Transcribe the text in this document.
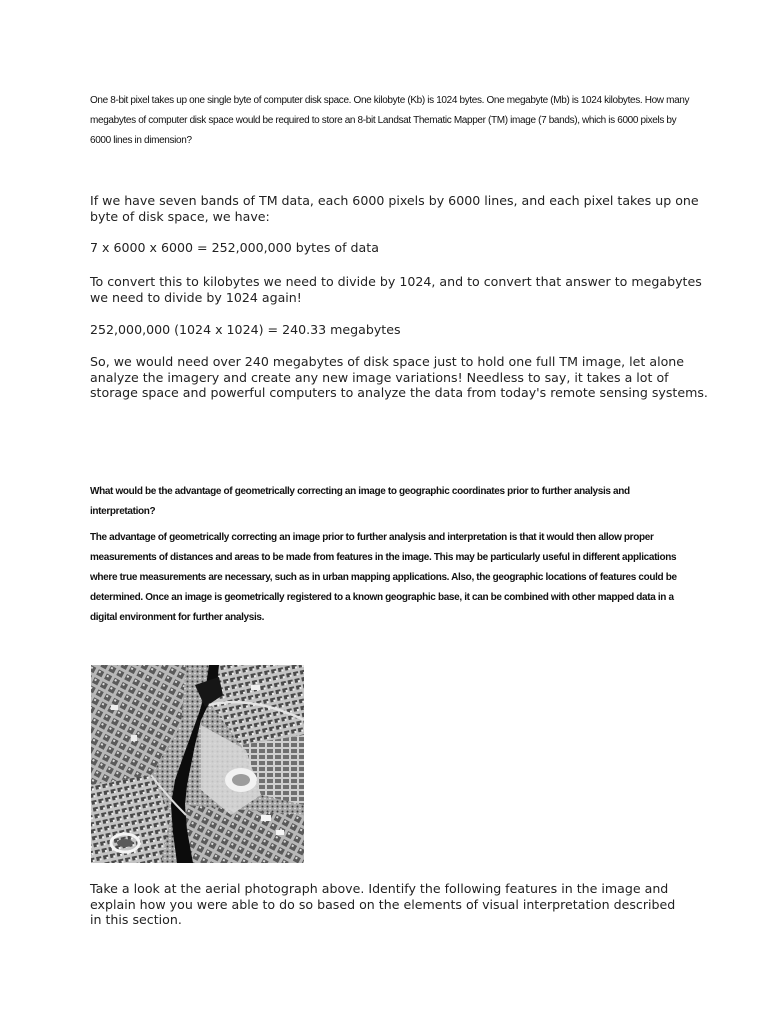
One 8-bit pixel takes up one single byte of computer disk space. One kilobyte (Kb) is 1024 bytes. One megabyte (Mb) is 1024 kilobytes. How many megabytes of computer disk space would be required to store an 8-bit Landsat Thematic Mapper (TM) image (7 bands), which is 6000 pixels by 6000 lines in dimension?

If we have seven bands of TM data, each 6000 pixels by 6000 lines, and each pixel takes up one byte of disk space, we have:

7 x 6000 x 6000 = 252,000,000 bytes of data

To convert this to kilobytes we need to divide by 1024, and to convert that answer to megabytes we need to divide by 1024 again!

252,000,000 (1024 x 1024) = 240.33 megabytes

So, we would need over 240 megabytes of disk space just to hold one full TM image, let alone analyze the imagery and create any new image variations! Needless to say, it takes a lot of storage space and powerful computers to analyze the data from today's remote sensing systems.

What would be the advantage of geometrically correcting an image to geographic coordinates prior to further analysis and interpretation?

The advantage of geometrically correcting an image prior to further analysis and interpretation is that it would then allow proper measurements of distances and areas to be made from features in the image. This may be particularly useful in different applications where true measurements are necessary, such as in urban mapping applications. Also, the geographic locations of features could be determined. Once an image is geometrically registered to a known geographic base, it can be combined with other mapped data in a digital environment for further analysis.

Take a look at the aerial photograph above. Identify the following features in the image and explain how you were able to do so based on the elements of visual interpretation described in this section.
